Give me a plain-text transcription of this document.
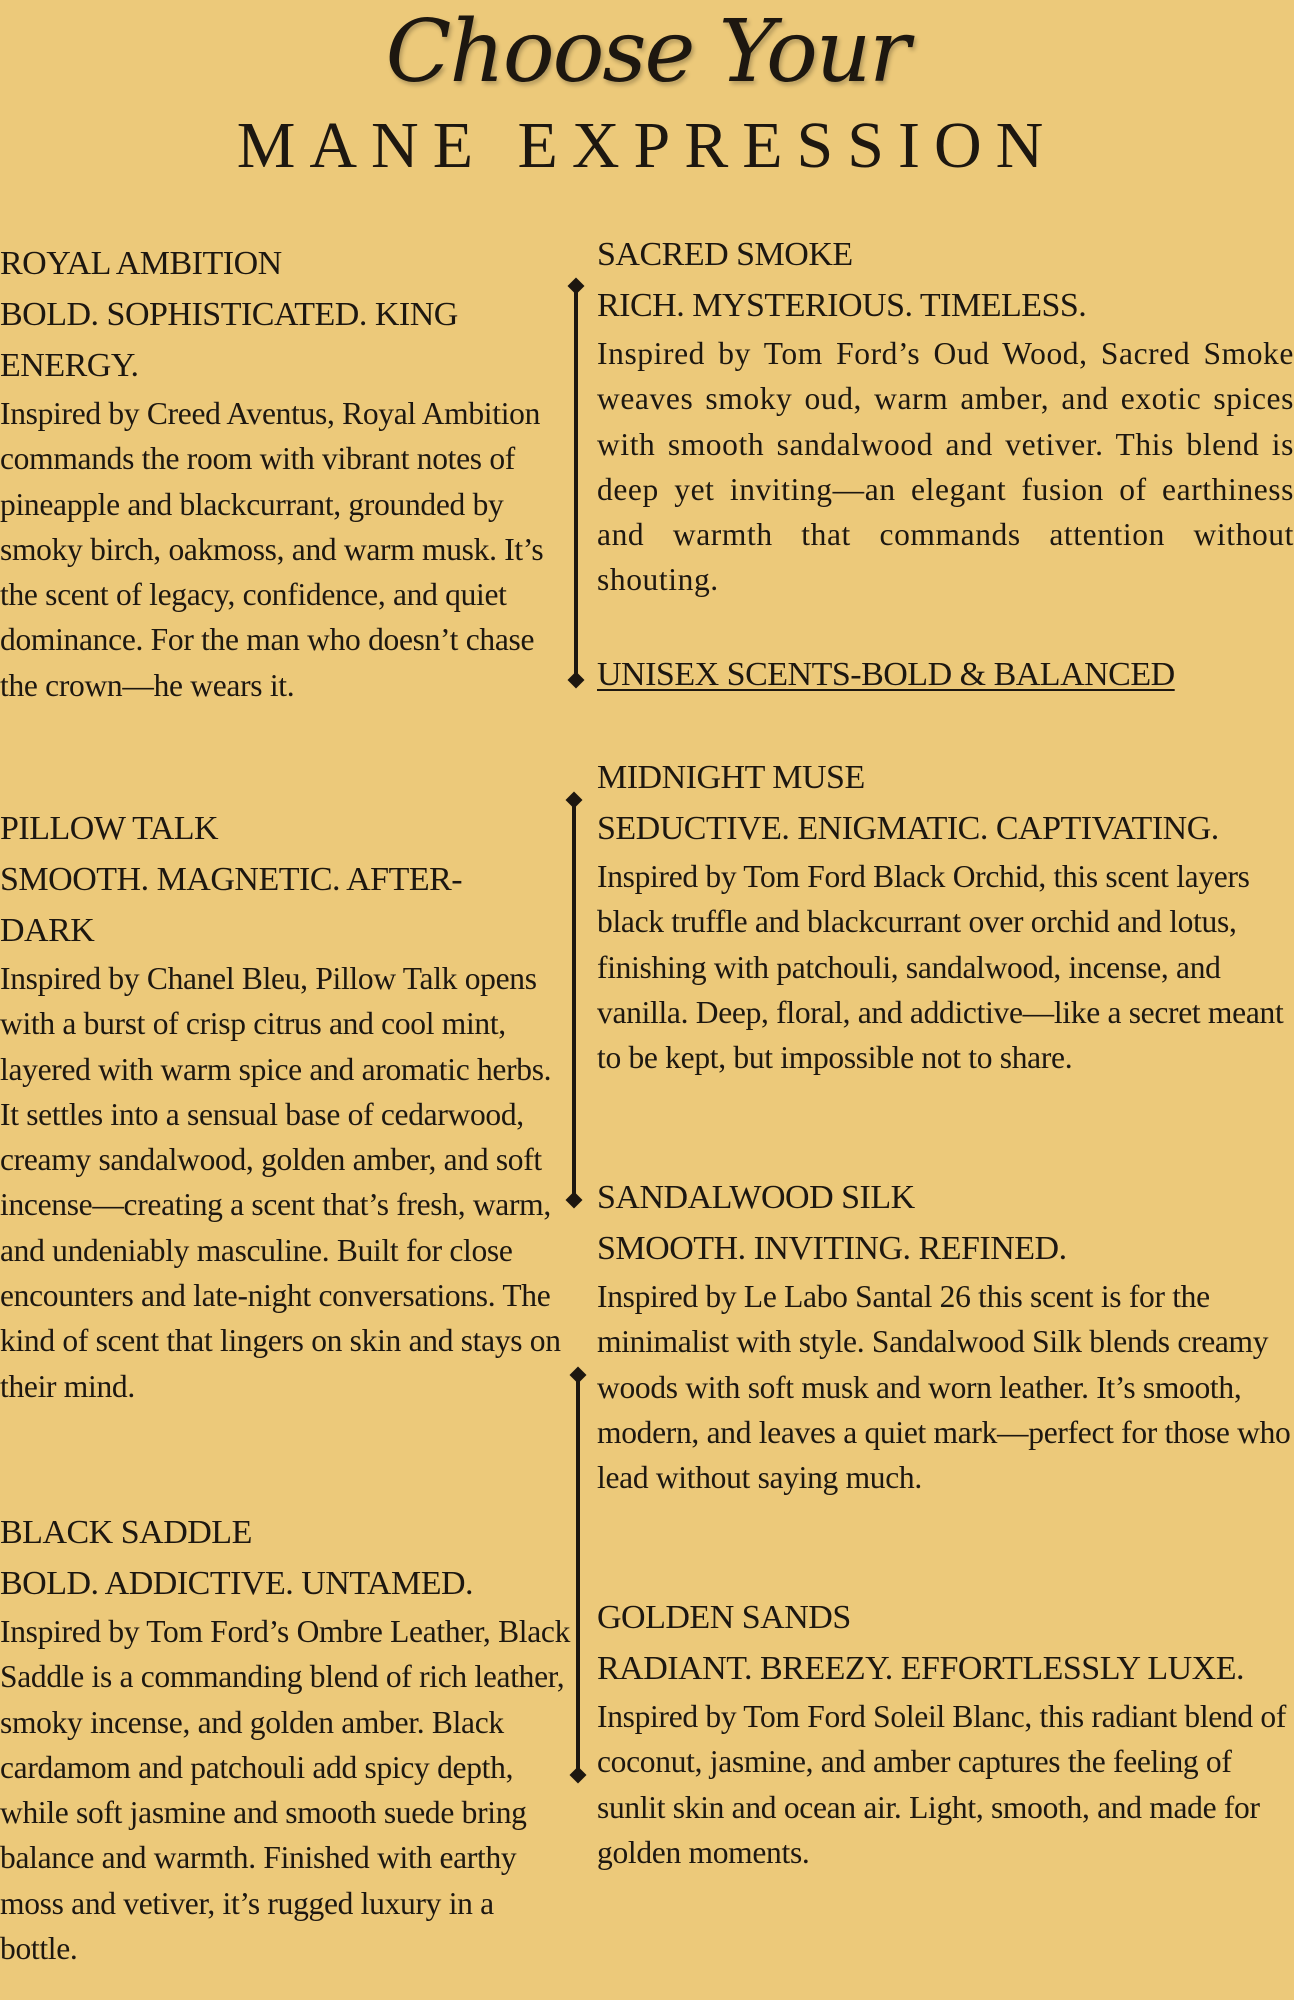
Choose Your
MANE EXPRESSION

ROYAL AMBITION

BOLD. SOPHISTICATED. KING ENERGY.

Inspired by Creed Aventus, Royal Ambition commands the room with vibrant notes of pineapple and blackcurrant, grounded by smoky birch, oakmoss, and warm musk. It’s the scent of legacy, confidence, and quiet dominance. For the man who doesn’t chase the crown—he wears it.

PILLOW TALK

SMOOTH. MAGNETIC. AFTER-DARK

Inspired by Chanel Bleu, Pillow Talk opens with a burst of crisp citrus and cool mint, layered with warm spice and aromatic herbs. It settles into a sensual base of cedarwood, creamy sandalwood, golden amber, and soft incense—creating a scent that’s fresh, warm, and undeniably masculine. Built for close encounters and late-night conversations. The kind of scent that lingers on skin and stays on their mind.

BLACK SADDLE

BOLD. ADDICTIVE. UNTAMED.

Inspired by Tom Ford’s Ombre Leather, Black Saddle is a commanding blend of rich leather, smoky incense, and golden amber. Black cardamom and patchouli add spicy depth, while soft jasmine and smooth suede bring balance and warmth. Finished with earthy moss and vetiver, it’s rugged luxury in a bottle.

SACRED SMOKE

RICH. MYSTERIOUS. TIMELESS.

Inspired by Tom Ford’s Oud Wood, Sacred Smoke weaves smoky oud, warm amber, and exotic spices with smooth sandalwood and vetiver. This blend is deep yet inviting—an elegant fusion of earthiness and warmth that commands attention without shouting.

UNISEX SCENTS-BOLD & BALANCED

MIDNIGHT MUSE

SEDUCTIVE. ENIGMATIC. CAPTIVATING.

Inspired by Tom Ford Black Orchid, this scent layers black truffle and blackcurrant over orchid and lotus, finishing with patchouli, sandalwood, incense, and vanilla. Deep, floral, and addictive—like a secret meant to be kept, but impossible not to share.

SANDALWOOD SILK

SMOOTH. INVITING. REFINED.

Inspired by Le Labo Santal 26 this scent is for the minimalist with style. Sandalwood Silk blends creamy woods with soft musk and worn leather. It’s smooth, modern, and leaves a quiet mark—perfect for those who lead without saying much.

GOLDEN SANDS

RADIANT. BREEZY. EFFORTLESSLY LUXE.

Inspired by Tom Ford Soleil Blanc, this radiant blend of coconut, jasmine, and amber captures the feeling of sunlit skin and ocean air. Light, smooth, and made for golden moments.
